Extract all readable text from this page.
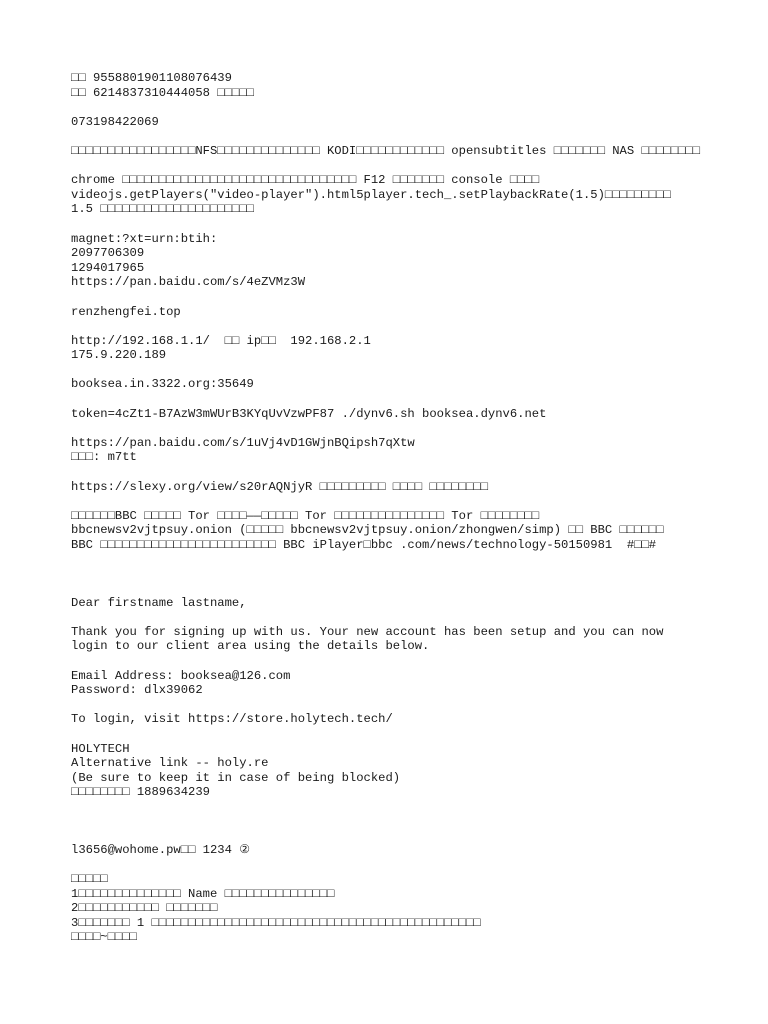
□□ 9558801901108076439
□□ 6214837310444058 □□□□□
073198422069
□□□□□□□□□□□□□□□□□NFS□□□□□□□□□□□□□□ KODI□□□□□□□□□□□□ opensubtitles □□□□□□□ NAS □□□□□□□□
chrome □□□□□□□□□□□□□□□□□□□□□□□□□□□□□□□□ F12 □□□□□□□ console □□□□
videojs.getPlayers("video-player").html5player.tech_.setPlaybackRate(1.5)□□□□□□□□□
1.5 □□□□□□□□□□□□□□□□□□□□□
magnet:?xt=urn:btih:
2097706309
1294017965
https://pan.baidu.com/s/4eZVMz3W
renzhengfei.top
http://192.168.1.1/  □□ ip□□  192.168.2.1
175.9.220.189
booksea.in.3322.org:35649
token=4cZt1-B7AzW3mWUrB3KYqUvVzwPF87 ./dynv6.sh booksea.dynv6.net
https://pan.baidu.com/s/1uVj4vD1GWjnBQipsh7qXtw
□□□: m7tt
https://slexy.org/view/s20rAQNjyR □□□□□□□□□ □□□□ □□□□□□□□
□□□□□□BBC □□□□□ Tor □□□□——□□□□□ Tor □□□□□□□□□□□□□□□ Tor □□□□□□□□
bbcnewsv2vjtpsuy.onion (□□□□□ bbcnewsv2vjtpsuy.onion/zhongwen/simp) □□ BBC □□□□□□
BBC □□□□□□□□□□□□□□□□□□□□□□□□ BBC iPlayer□bbc .com/news/technology-50150981  #□□#
Dear firstname lastname,
Thank you for signing up with us. Your new account has been setup and you can now
login to our client area using the details below.
Email Address: booksea@126.com
Password: dlx39062
To login, visit https://store.holytech.tech/
HOLYTECH
Alternative link -- holy.re
(Be sure to keep it in case of being blocked)
□□□□□□□□ 1889634239
l3656@wohome.pw□□ 1234 ②
□□□□□
1□□□□□□□□□□□□□□ Name □□□□□□□□□□□□□□□
2□□□□□□□□□□□ □□□□□□□
3□□□□□□□ 1 □□□□□□□□□□□□□□□□□□□□□□□□□□□□□□□□□□□□□□□□□□□□□
□□□□~□□□□
